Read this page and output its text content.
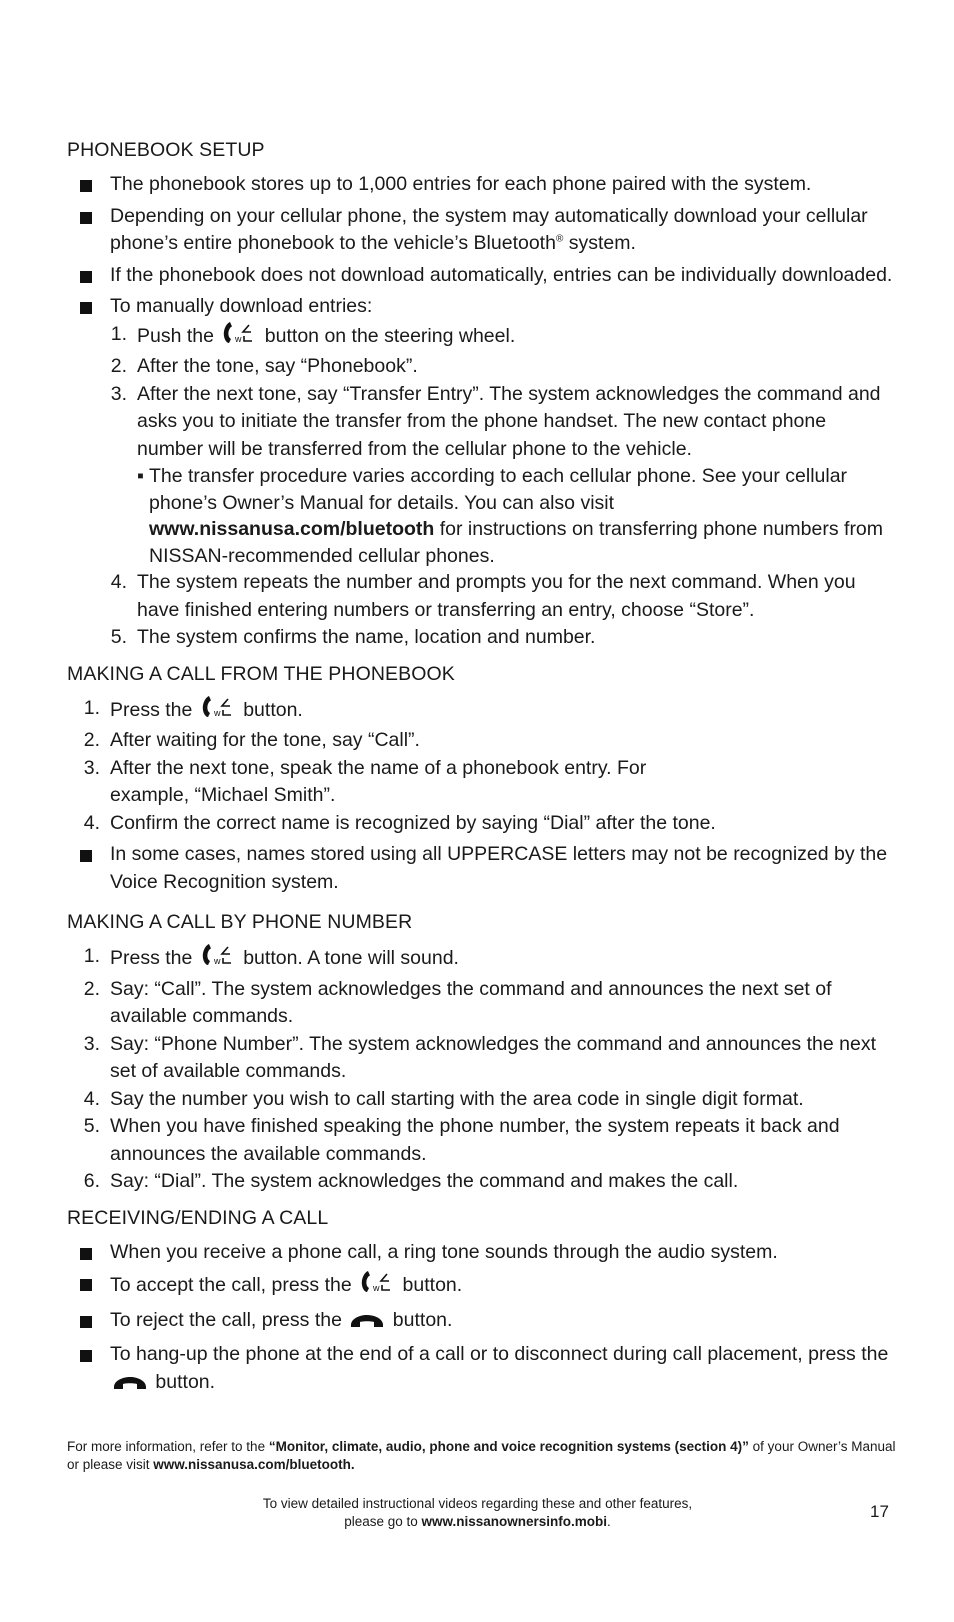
PHONEBOOK SETUP
The phonebook stores up to 1,000 entries for each phone paired with the system.
Depending on your cellular phone, the system may automatically download your cellular phone’s entire phonebook to the vehicle’s Bluetooth® system.
If the phonebook does not download automatically, entries can be individually downloaded.
To manually download entries:
1. Push the w button on the steering wheel.
2. After the tone, say “Phonebook”.
3. After the next tone, say “Transfer Entry”. The system acknowledges the command and asks you to initiate the transfer from the phone handset. The new contact phone number will be transferred from the cellular phone to the vehicle.
▪ The transfer procedure varies according to each cellular phone. See your cellular phone’s Owner’s Manual for details. You can also visit www.nissanusa.com/bluetooth for instructions on transferring phone numbers from NISSAN-recommended cellular phones.
4. The system repeats the number and prompts you for the next command. When you have finished entering numbers or transferring an entry, choose “Store”.
5. The system confirms the name, location and number.
MAKING A CALL FROM THE PHONEBOOK
1. Press the w button.
2. After waiting for the tone, say “Call”.
3. After the next tone, speak the name of a phonebook entry. For example, “Michael Smith”.
4. Confirm the correct name is recognized by saying “Dial” after the tone.
In some cases, names stored using all UPPERCASE letters may not be recognized by the Voice Recognition system.
MAKING A CALL BY PHONE NUMBER
1. Press the w button. A tone will sound.
2. Say: “Call”. The system acknowledges the command and announces the next set of available commands.
3. Say: “Phone Number”. The system acknowledges the command and announces the next set of available commands.
4. Say the number you wish to call starting with the area code in single digit format.
5. When you have finished speaking the phone number, the system repeats it back and announces the available commands.
6. Say: “Dial”. The system acknowledges the command and makes the call.
RECEIVING/ENDING A CALL
When you receive a phone call, a ring tone sounds through the audio system.
To accept the call, press the w button.
To reject the call, press the  button.
To hang-up the phone at the end of a call or to disconnect during call placement, press the  button.
For more information, refer to the “Monitor, climate, audio, phone and voice recognition systems (section 4)” of your Owner’s Manual or please visit www.nissanusa.com/bluetooth.
To view detailed instructional videos regarding these and other features,
please go to www.nissanownersinfo.mobi.
17
